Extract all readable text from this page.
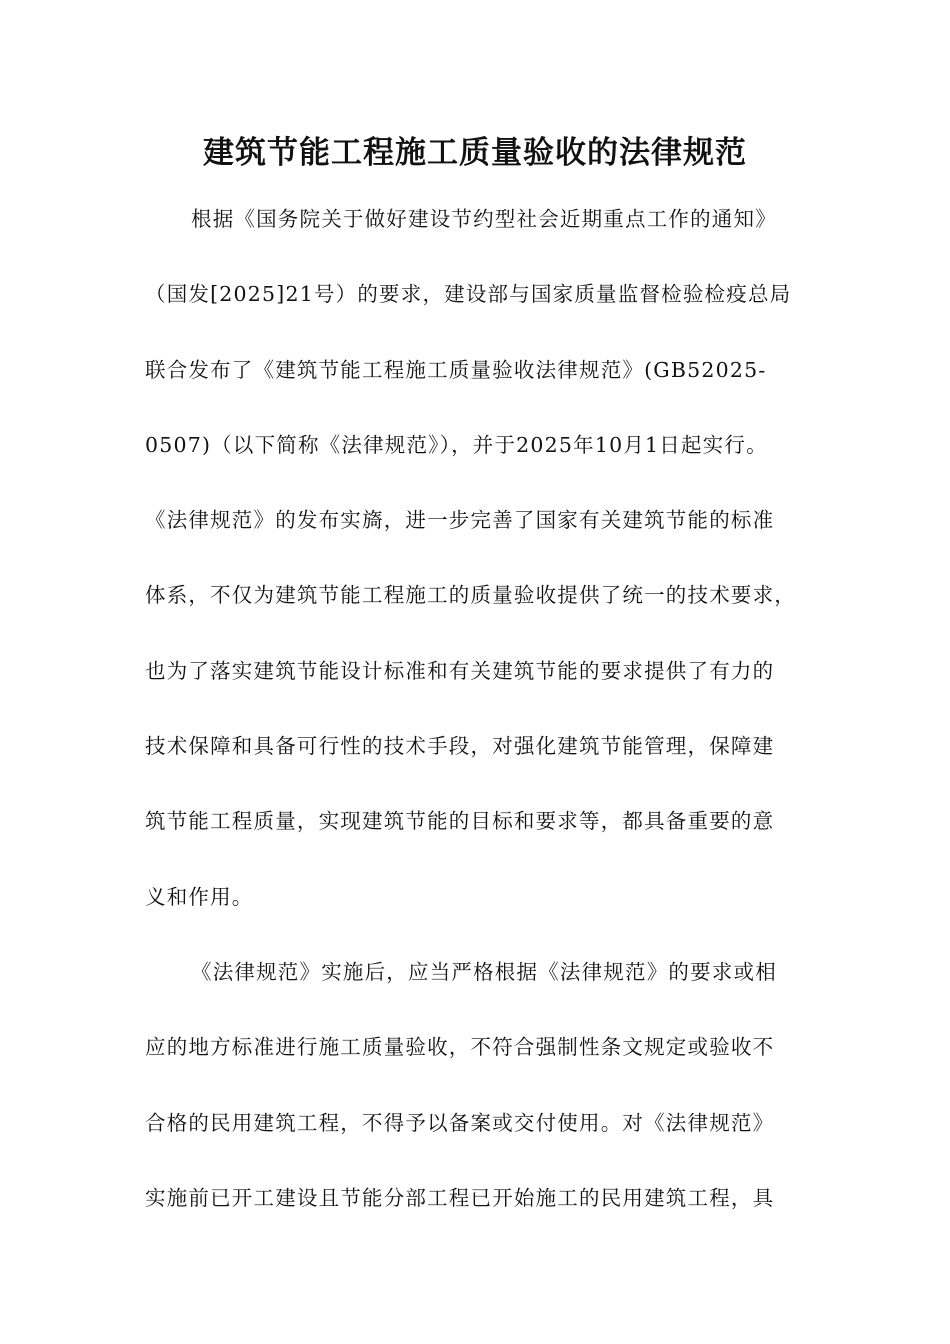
建筑节能工程施工质量验收的法律规范
根据《国务院关于做好建设节约型社会近期重点工作的通知》
（国发[2025]21号）的要求，建设部与国家质量监督检验检疫总局
联合发布了《建筑节能工程施工质量验收法律规范》(GB52025-
0507)（以下简称《法律规范》），并于2025年10月1日起实行。
《法律规范》的发布实旖，进一步完善了国家有关建筑节能的标准
体系，不仅为建筑节能工程施工的质量验收提供了统一的技术要求，
也为了落实建筑节能设计标准和有关建筑节能的要求提供了有力的
技术保障和具备可行性的技术手段，对强化建筑节能管理，保障建
筑节能工程质量，实现建筑节能的目标和要求等，都具备重要的意
义和作用。
《法律规范》实施后，应当严格根据《法律规范》的要求或相
应的地方标准进行施工质量验收，不符合强制性条文规定或验收不
合格的民用建筑工程，不得予以备案或交付使用。对《法律规范》
实施前已开工建设且节能分部工程已开始施工的民用建筑工程，具
